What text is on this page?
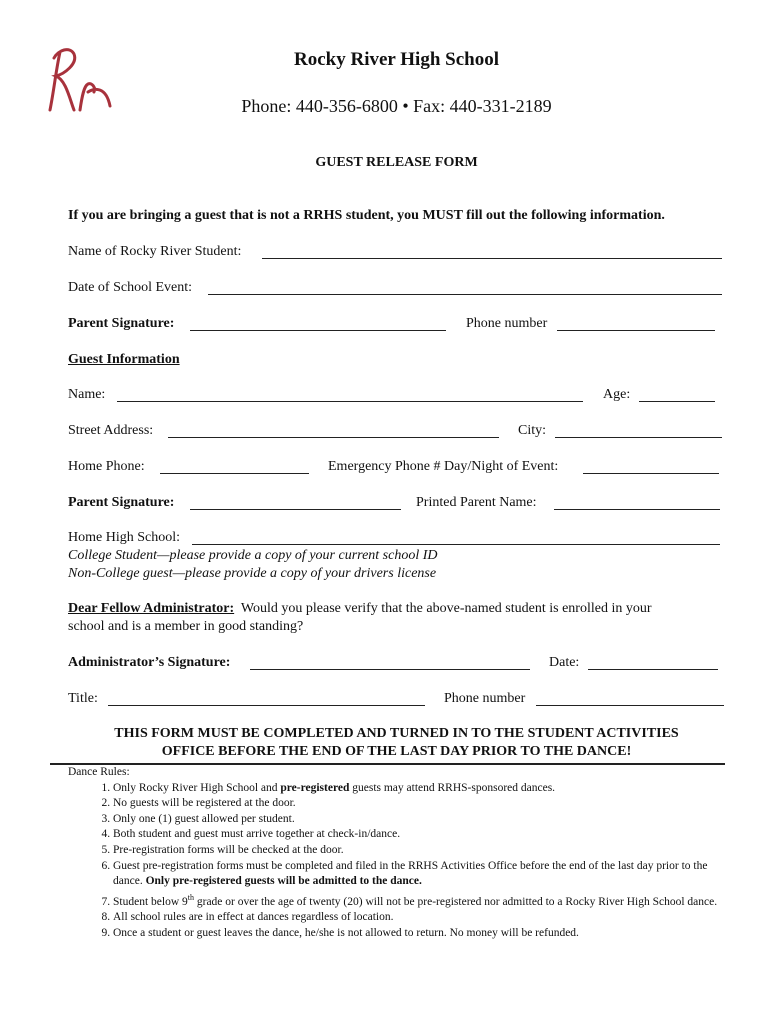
Rocky River High School
Phone: 440-356-6800 • Fax: 440-331-2189
GUEST RELEASE FORM
If you are bringing a guest that is not a RRHS student, you MUST fill out the following information.
Name of Rocky River Student:
Date of School Event:
Parent Signature:	Phone number
Guest Information
Name:	Age:
Street Address:	City:
Home Phone:	Emergency Phone # Day/Night of Event:
Parent Signature:	Printed Parent Name:
Home High School:
College Student—please provide a copy of your current school ID
Non-College guest—please provide a copy of your drivers license
Dear Fellow Administrator: Would you please verify that the above-named student is enrolled in your
school and is a member in good standing?
Administrator’s Signature:	Date:
Title:	Phone number
THIS FORM MUST BE COMPLETED AND TURNED IN TO THE STUDENT ACTIVITIES
OFFICE BEFORE THE END OF THE LAST DAY PRIOR TO THE DANCE!
Dance Rules:
1. Only Rocky River High School and pre-registered guests may attend RRHS-sponsored dances.
2. No guests will be registered at the door.
3. Only one (1) guest allowed per student.
4. Both student and guest must arrive together at check-in/dance.
5. Pre-registration forms will be checked at the door.
6. Guest pre-registration forms must be completed and filed in the RRHS Activities Office before the end of the last day prior to the dance. Only pre-registered guests will be admitted to the dance.
7. Student below 9th grade or over the age of twenty (20) will not be pre-registered nor admitted to a Rocky River High School dance.
8. All school rules are in effect at dances regardless of location.
9. Once a student or guest leaves the dance, he/she is not allowed to return. No money will be refunded.
